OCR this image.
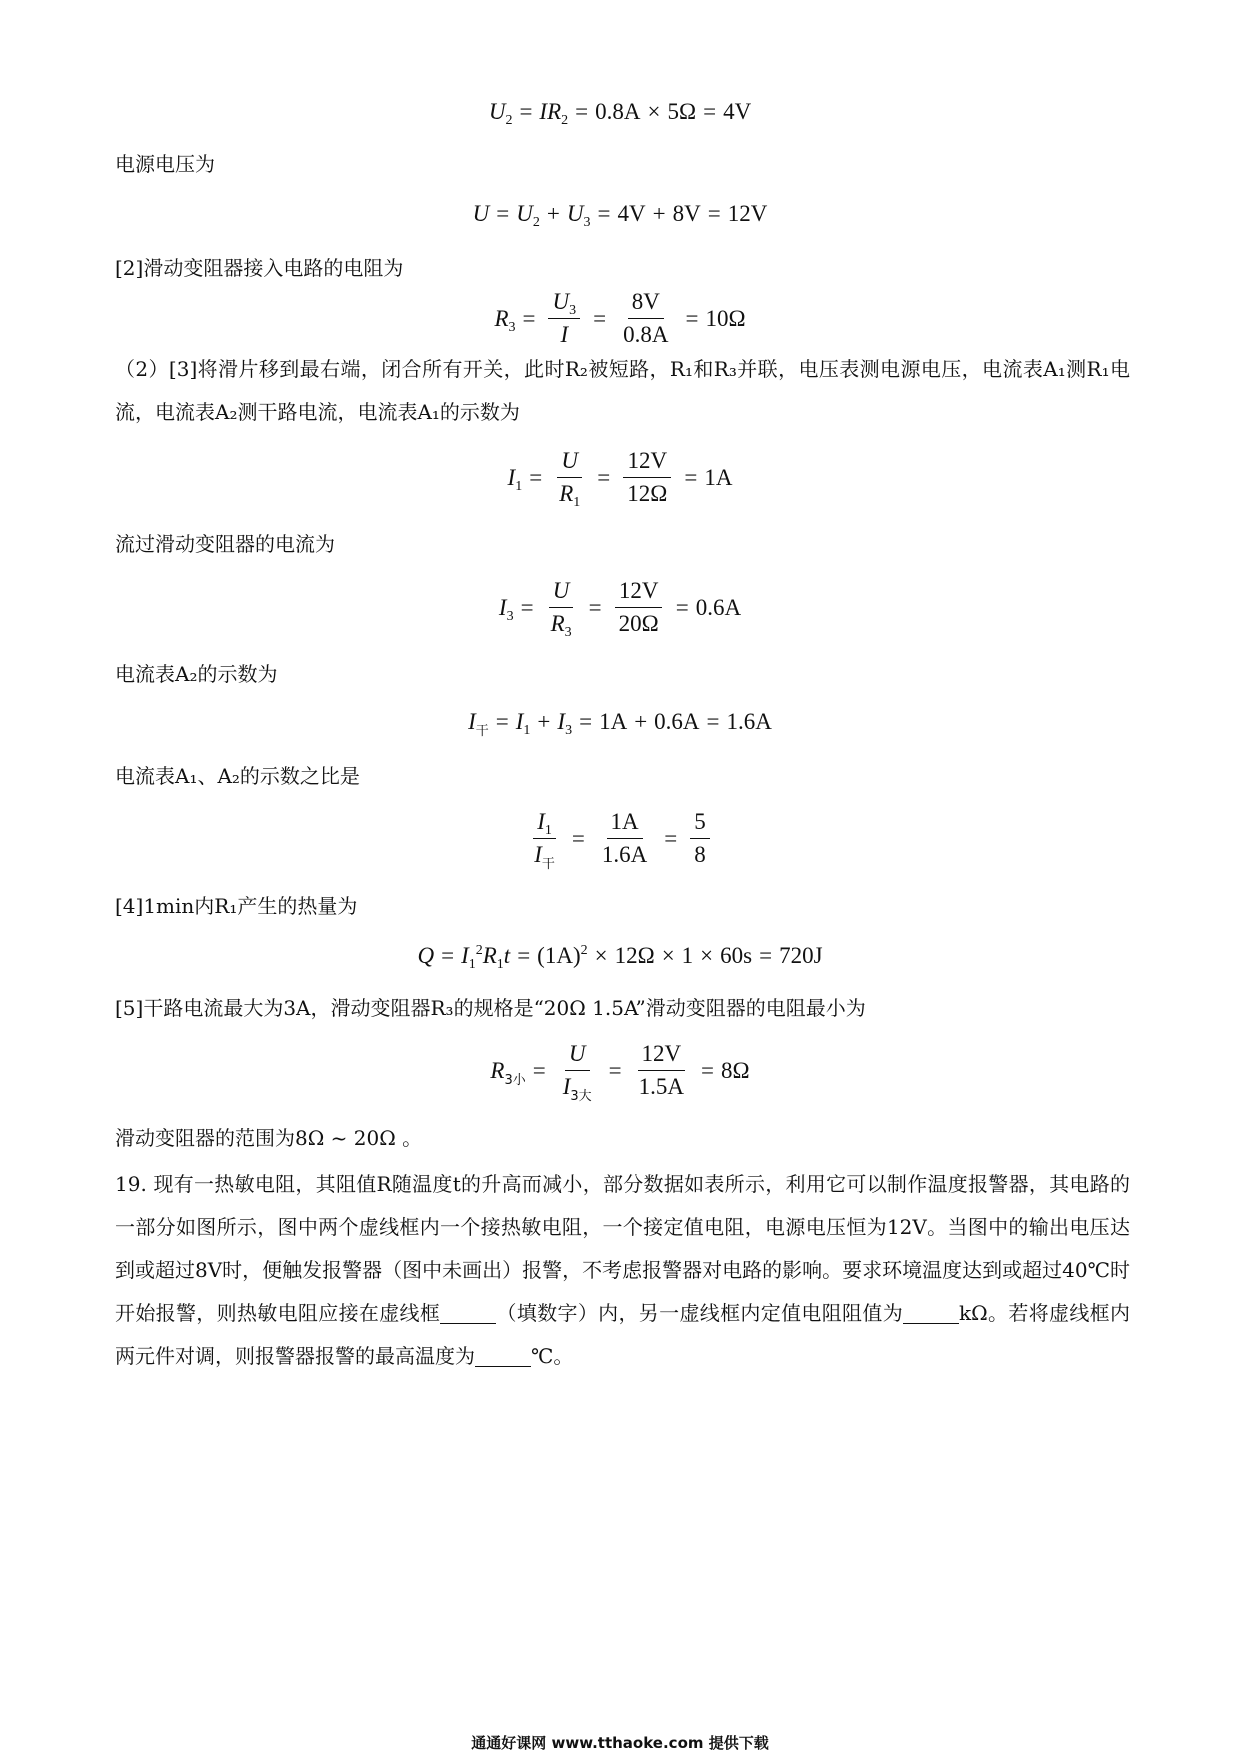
$U_2 = IR_2 = 0.8A \times 5\Omega = 4V$
电源电压为
$U = U_2 + U_3 = 4V + 8V = 12V$
[2]滑动变阻器接入电路的电阻为
$R_3 = \frac{U_3}{I} = \frac{8V}{0.8A} = 10\Omega$
（2）[3]将滑片移到最右端，闭合所有开关，此时R₂被短路，R₁和R₃并联，电压表测电源电压，电流表A₁测R₁电流，电流表A₂测干路电流，电流表A₁的示数为
$I_1 = \frac{U}{R_1} = \frac{12V}{12\Omega} = 1A$
流过滑动变阻器的电流为
$I_3 = \frac{U}{R_3} = \frac{12V}{20\Omega} = 0.6A$
电流表A₂的示数为
$I_干 = I_1 + I_3 = 1A + 0.6A = 1.6A$
电流表A₁、A₂的示数之比是
$\frac{I_1}{I_干} = \frac{1A}{1.6A} = \frac{5}{8}$
[4]1min内R₁产生的热量为
$Q = I_1^2R_1t = (1A)^2 \times 12\Omega \times 1 \times 60s = 720J$
[5]干路电流最大为3A，滑动变阻器R₃的规格是“20Ω 1.5A”滑动变阻器的电阻最小为
$R_{3小} = \frac{U}{I_{3大}} = \frac{12V}{1.5A} = 8\Omega$
滑动变阻器的范围为8Ω ~ 20Ω 。
19. 现有一热敏电阻，其阻值R随温度t的升高而减小，部分数据如表所示，利用它可以制作温度报警器，其电路的一部分如图所示，图中两个虚线框内一个接热敏电阻，一个接定值电阻，电源电压恒为12V。当图中的输出电压达到或超过8V时，便触发报警器（图中未画出）报警，不考虑报警器对电路的影响。要求环境温度达到或超过40℃时开始报警，则热敏电阻应接在虚线框	（填数字）内，另一虚线框内定值电阻阻值为	kΩ。若将虚线框内两元件对调，则报警器报警的最高温度为	℃。
通通好课网 www.tthaoke.com 提供下载
